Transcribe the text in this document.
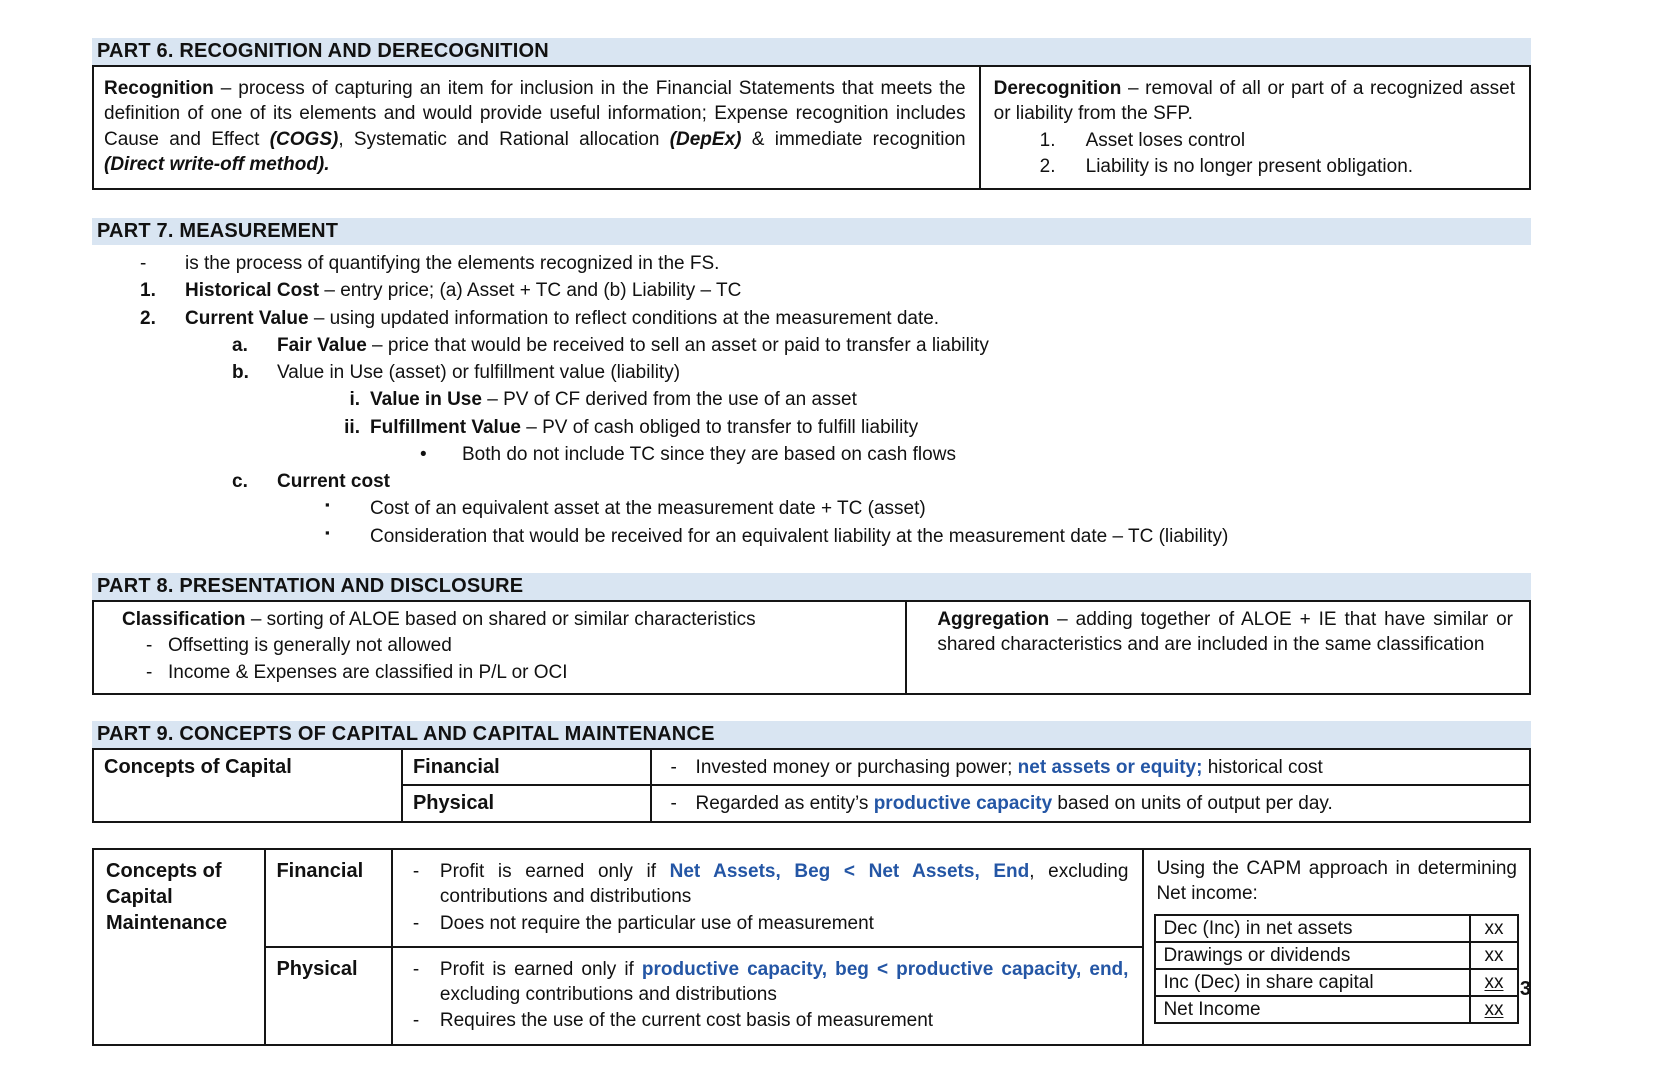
PART 6. RECOGNITION AND DERECOGNITION

Recognition – process of capturing an item for inclusion in the Financial Statements that meets the definition of one of its elements and would provide useful information; Expense recognition includes Cause and Effect (COGS), Systematic and Rational allocation (DepEx) & immediate recognition (Direct write-off method).

Derecognition – removal of all or part of a recognized asset or liability from the SFP.

1.	Asset loses control
2.	Liability is no longer present obligation.
PART 7. MEASUREMENT
-	is the process of quantifying the elements recognized in the FS.
1.	Historical Cost – entry price; (a) Asset + TC and (b) Liability – TC
2.	Current Value – using updated information to reflect conditions at the measurement date.
a.	Fair Value – price that would be received to sell an asset or paid to transfer a liability
b.	Value in Use (asset) or fulfillment value (liability)
i. Value in Use – PV of CF derived from the use of an asset
ii. Fulfillment Value – PV of cash obliged to transfer to fulfill liability
•	Both do not include TC since they are based on cash flows
c.	Current cost
▪	Cost of an equivalent asset at the measurement date + TC (asset)
▪	Consideration that would be received for an equivalent liability at the measurement date – TC (liability)
PART 8. PRESENTATION AND DISCLOSURE

Classification – sorting of ALOE based on shared or similar characteristics

- Offsetting is generally not allowed
- Income & Expenses are classified in P/L or OCI

Aggregation – adding together of ALOE + IE that have similar or shared characteristics and are included in the same classification

PART 9. CONCEPTS OF CAPITAL AND CAPITAL MAINTENANCE
Concepts of Capital	Financial	- Invested money or purchasing power; net assets or equity; historical cost

	Physical	- Regarded as entity’s productive capacity based on units of output per day.
Concepts of Capital Maintenance
	Financial	-	Profit is earned only if Net Assets, Beg < Net Assets, End, excluding contributions and distributions
-	Does not require the particular use of measurement

Using the CAPM approach in determining Net income:

Dec (Inc) in net assets	xx
Drawings or dividends	xx
Inc (Dec) in share capital	xx
Net Income	xx

Physical	-	Profit is earned only if productive capacity, beg < productive capacity, end, excluding contributions and distributions
-	Requires the use of the current cost basis of measurement
3
